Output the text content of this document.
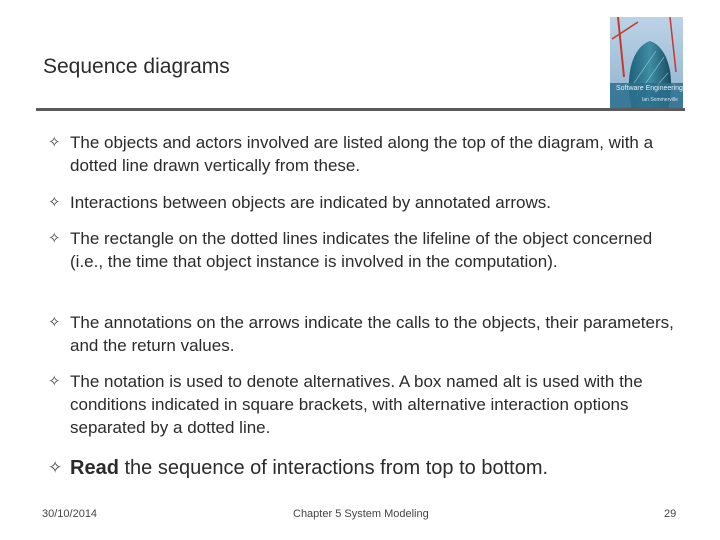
Sequence diagrams
Software Engineering
Ian Sommerville
✧ The objects and actors involved are listed along the top of the diagram, with a dotted line drawn vertically from these.
✧ Interactions between objects are indicated by annotated arrows.
✧ The rectangle on the dotted lines indicates the lifeline of the object concerned (i.e., the time that object instance is involved in the computation).
✧ The annotations on the arrows indicate the calls to the objects, their parameters, and the return values.
✧ The notation is used to denote alternatives. A box named alt is used with the conditions indicated in square brackets, with alternative interaction options separated by a dotted line.
✧ Read the sequence of interactions from top to bottom.
30/10/2014	Chapter 5 System Modeling	29
